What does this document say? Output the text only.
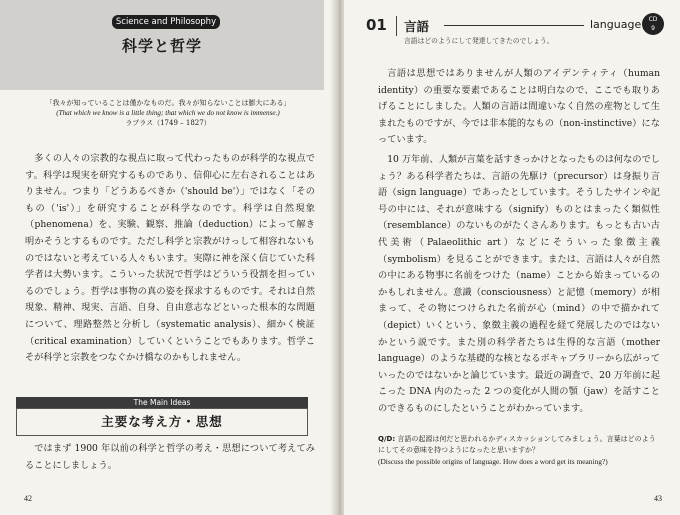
Science and Philosophy
科学と哲学
「我々が知っていることは僅かなものだ。我々が知らないことは膨大にある」
(That which we know is a little thing; that which we do not know is immense.)
ラプラス（1749 – 1827）
多くの人々の宗教的な視点に取って代わったものが科学的な視点です。科学は現実を研究するものであり、信仰心に左右されることはありません。つまり「どうあるべきか（'should be'）」ではなく「そのもの（'is'）」を研究することが科学なのです。科学は自然現象（phenomena）を、実験、観察、推論（deduction）によって解き明かそうとするものです。ただし科学と宗教がけっして相容れないものではないと考えている人々もいます。実際に神を深く信じていた科学者は大勢います。こういった状況で哲学はどういう役割を担っているのでしょう。哲学は事物の真の姿を探求するものです。それは自然現象、精神、現実、言語、自身、自由意志などといった根本的な問題について、理路整然と分析し（systematic analysis）、細かく検証（critical examination）していくということでもあります。哲学こそが科学と宗教をつなぐかけ橋なのかもしれません。
The Main Ideas
主要な考え方・思想
ではまず 1900 年以前の科学と哲学の考え・思想について考えてみることにしましょう。
42
01 言語	language	CD
9
言語はどのようにして発達してきたのでしょう。
言語は思想ではありませんが人類のアイデンティティ（human identity）の重要な要素であることは明白なので、ここでも取りあげることにしました。人類の言語は間違いなく自然の産物として生まれたものですが、今では非本能的なもの（non-instinctive）になっています。
10 万年前、人類が言葉を話すきっかけとなったものは何なのでしょう？ある科学者たちは、言語の先駆け（precursor）は身振り言語（sign language）であったとしています。そうしたサインや記号の中には、それが意味する（signify）ものとはまったく類似性（resemblance）のないものがたくさんあります。もっとも古い古代美術（Palaeolithic art）などにそういった象徴主義（symbolism）を見ることができます。または、言語は人々が自然の中にある物事に名前をつけた（name）ことから始まっているのかもしれません。意識（consciousness）と記憶（memory）が相まって、その物につけられた名前が心（mind）の中で描かれて（depict）いくという、象徴主義の過程を経て発展したのではないかという説です。また別の科学者たちは生得的な言語（mother language）のような基礎的な核となるボキャブラリーから広がっていったのではないかと論じています。最近の調査で、20 万年前に起こった DNA 内のたった 2 つの変化が人間の顎（jaw）を話すことのできるものにしたということがわかっています。
Q/D: 言語の起源は何だと思われるかディスカッションしてみましょう。言葉はどのようにしてその意味を持つようになったと思いますか？
(Discuss the possible origins of language. How does a word get its meaning?)
43
